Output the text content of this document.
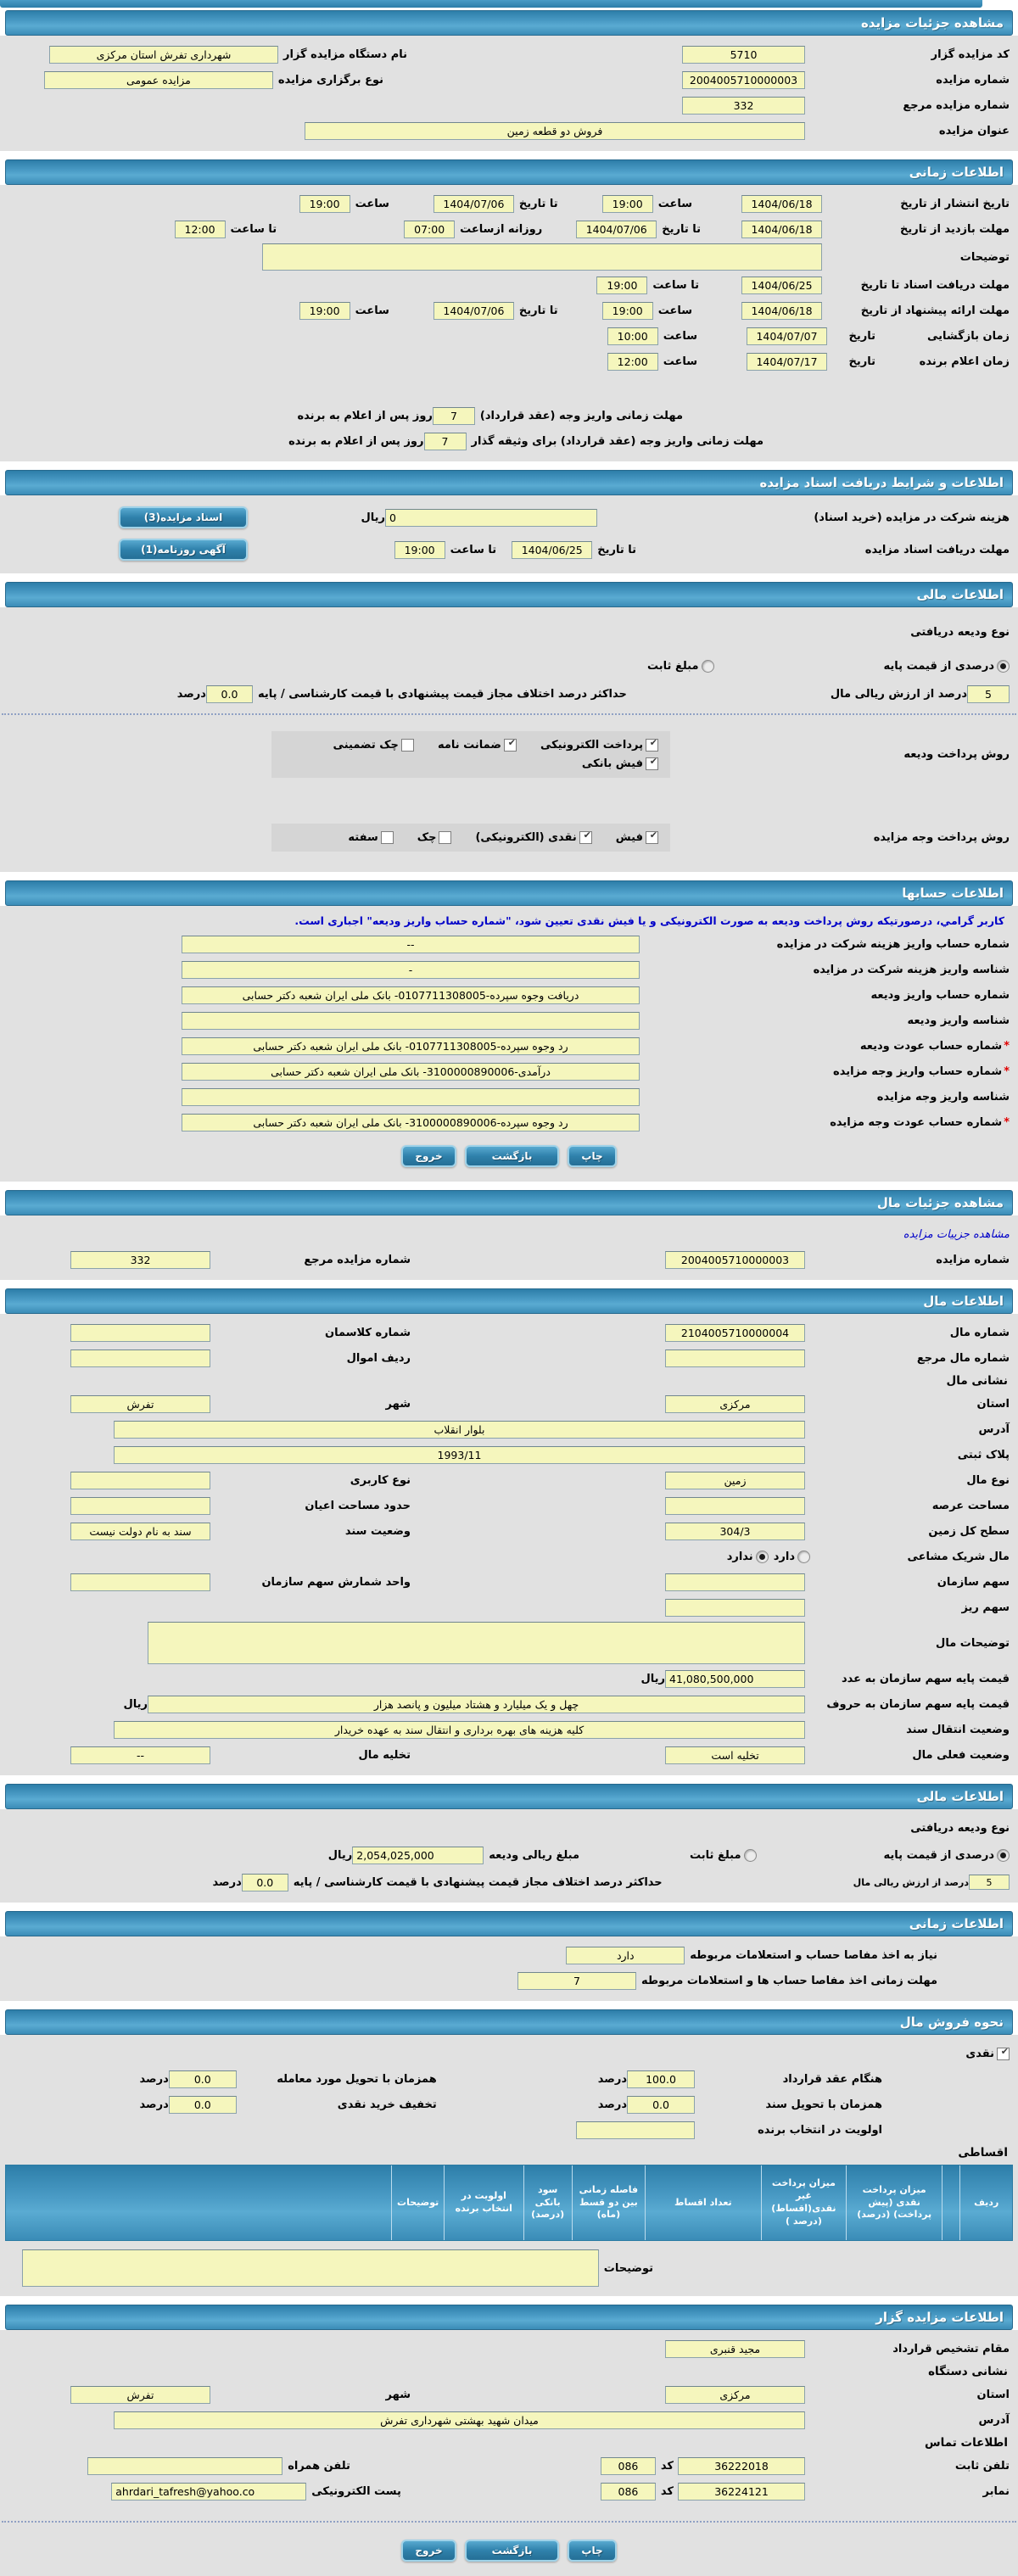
مشاهده جزئیات مزایده
کد مزایده گزار
5710
نام دستگاه مزایده گزار
شهرداری تفرش استان مرکزی
شماره مزایده
2004005710000003
نوع برگزاری مزایده
مزایده عمومی
شماره مزایده مرجع
332
عنوان مزایده
فروش دو قطعه زمین
اطلاعات زمانی
تاریخ انتشار از تاریخ
1404/06/18
ساعت
19:00
تا تاریخ
1404/07/06
ساعت
19:00
مهلت بازدید از تاریخ
1404/06/18
تا تاریخ
1404/07/06
روزانه ازساعت
07:00
تا ساعت
12:00
توضیحات
مهلت دریافت اسناد تا تاریخ
1404/06/25
تا ساعت
19:00
مهلت ارائه پیشنهاد از تاریخ
1404/06/18
ساعت
19:00
تا تاریخ
1404/07/06
ساعت
19:00
زمان بازگشایی
تاریخ
1404/07/07
ساعت
10:00
زمان اعلام برنده
تاریخ
1404/07/17
ساعت
12:00
مهلت زمانی واریز وجه (عقد قرارداد)
7
روز پس از اعلام به برنده
مهلت زمانی واریز وجه (عقد قرارداد) برای وثیقه گذار
7
روز پس از اعلام به برنده
اطلاعات و شرایط دریافت اسناد مزایده
هزینه شرکت در مزایده (خرید اسناد)
0
ریال
اسناد مزایده(3)
مهلت دریافت اسناد مزایده
تا تاریخ
1404/06/25
تا ساعت
19:00
آگهی روزنامه(1)
اطلاعات مالی
نوع ودیعه دریافتی
درصدی از قیمت پایه
مبلغ ثابت
5
درصد از ارزش ریالی مال
حداکثر درصد اختلاف مجاز قیمت پیشنهادی با قیمت کارشناسی / پایه
0.0
درصد
روش پرداخت ودیعه
✔
پرداخت الکترونیکی
✔
ضمانت نامه
چک تضمینی
✔
فیش بانکی
روش پرداخت وجه مزایده
✔
فیش
✔
نقدی (الکترونیکی)
چک
سفته
اطلاعات حسابها
کاربر گرامي، درصورتیکه روش پرداخت ودیعه به صورت الکترونیکی و یا فیش نقدی تعیین شود، "شماره حساب واریز ودیعه" اجباری است.
شماره حساب واریز هزینه شرکت در مزایده
--
شناسه واریز هزینه شرکت در مزایده
-
شماره حساب واریز ودیعه
دریافت وجوه سپرده-0107711308005- بانک ملی ایران شعبه دکتر حسابی
شناسه واریز ودیعه
*شماره حساب عودت ودیعه
رد وجوه سپرده-0107711308005- بانک ملی ایران شعبه دکتر حسابی
*شماره حساب واریز وجه مزایده
درآمدی-3100000890006- بانک ملی ایران شعبه دکتر حسابی
شناسه واریز وجه مزایده
*شماره حساب عودت وجه مزایده
رد وجوه سپرده-3100000890006- بانک ملی ایران شعبه دکتر حسابی
چاپ
بازگشت
خروج
مشاهده جزئیات مال
مشاهده جزییات مزایده
شماره مزایده
2004005710000003
شماره مزایده مرجع
332
اطلاعات مال
شماره مال
2104005710000004
شماره کلاسمان
شماره مال مرجع
ردیف اموال
نشانی مال
استان
مرکزی
شهر
تفرش
آدرس
بلوار انقلاب
پلاک ثبتی
1993/11
نوع مال
زمین
نوع کاربری
مساحت عرصه
حدود مساحت اعیان
سطح کل زمین
304/3
وضعیت سند
سند به نام دولت نیست
مال شریک مشاعی
دارد
ندارد
سهم سازمان
واحد شمارش سهم سازمان
سهم ریز
توضیحات مال
قیمت پایه سهم سازمان به عدد
41,080,500,000
ریال
قیمت پایه سهم سازمان به حروف
چهل و یک میلیارد و هشتاد میلیون و پانصد هزار
ریال
وضعیت انتقال سند
کلیه هزینه های بهره برداری و انتقال سند به عهده خریدار
وضعیت فعلی مال
تخلیه است
تخلیه مال
--
اطلاعات مالی
نوع ودیعه دریافتی
درصدی از قیمت پایه
مبلغ ثابت
مبلغ ریالی ودیعه
2,054,025,000
ریال
5
درصد از ارزش ریالی مال
حداکثر درصد اختلاف مجاز قیمت پیشنهادی با قیمت کارشناسی / پایه
0.0
درصد
اطلاعات زمانی
نیاز به اخذ مفاصا حساب و استعلامات مربوطه
دارد
مهلت زمانی اخذ مفاصا حساب ها و استعلامات مربوطه
7
نحوه فروش مال
✔
نقدی
هنگام عقد قرارداد
100.0
درصد
همزمان با تحویل مورد معامله
0.0
درصد
همزمان با تحویل سند
0.0
درصد
تخفیف خرید نقدی
0.0
درصد
اولویت در انتخاب برنده
اقساطی
ردیف
میزان پرداخت نقدی (پیش پرداخت) (درصد)
میزان پرداخت غیر نقدی(اقساط) (درصد )
تعداد اقساط
فاصله زمانی بین دو قسط (ماه)
سود بانکی (درصد)
اولویت در انتخاب برنده
توضیحات
توضیحات
اطلاعات مزایده گزار
مقام تشخیص قرارداد
مجید قنبری
نشانی دستگاه
استان
مرکزی
شهر
تفرش
آدرس
میدان شهید بهشتی شهرداری تفرش
اطلاعات تماس
تلفن ثابت
36222018
کد
086
تلفن همراه
نمابر
36224121
کد
086
پست الکترونیکی
ahrdari_tafresh@yahoo.co
چاپ
بازگشت
خروج
